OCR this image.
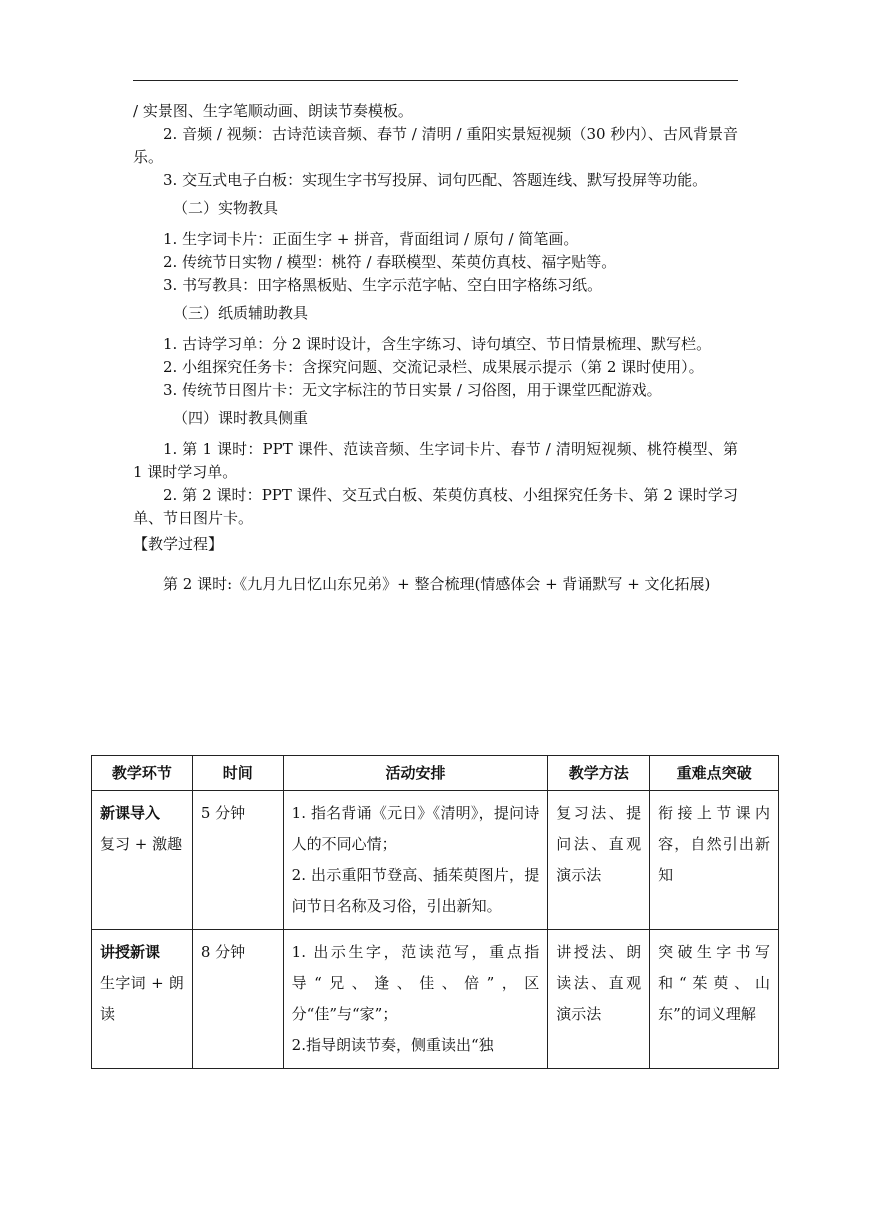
/ 实景图、生字笔顺动画、朗读节奏模板。

2. 音频 / 视频：古诗范读音频、春节 / 清明 / 重阳实景短视频（30 秒内）、古风背景音乐。

3. 交互式电子白板：实现生字书写投屏、词句匹配、答题连线、默写投屏等功能。

（二）实物教具

1. 生字词卡片：正面生字 + 拼音，背面组词 / 原句 / 简笔画。

2. 传统节日实物 / 模型：桃符 / 春联模型、茱萸仿真枝、福字贴等。

3. 书写教具：田字格黑板贴、生字示范字帖、空白田字格练习纸。

（三）纸质辅助教具

1. 古诗学习单：分 2 课时设计，含生字练习、诗句填空、节日情景梳理、默写栏。

2. 小组探究任务卡：含探究问题、交流记录栏、成果展示提示（第 2 课时使用）。

3. 传统节日图片卡：无文字标注的节日实景 / 习俗图，用于课堂匹配游戏。

（四）课时教具侧重

1. 第 1 课时：PPT 课件、范读音频、生字词卡片、春节 / 清明短视频、桃符模型、第 1 课时学习单。

2. 第 2 课时：PPT 课件、交互式白板、茱萸仿真枝、小组探究任务卡、第 2 课时学习单、节日图片卡。

【教学过程】

第 2 课时:《九月九日忆山东兄弟》+ 整合梳理(情感体会 + 背诵默写 + 文化拓展)

教学环节	时间	活动安排	教学方法	重难点突破

新课导入
复习 + 激趣	5 分钟	1. 指名背诵《元日》《清明》，提问诗人的不同心情；
2. 出示重阳节登高、插茱萸图片，提问节日名称及习俗，引出新知。	复习法、提问法、直观演示法	衔接上节课内容，自然引出新知

讲授新课
生字词 + 朗读	8 分钟	1. 出示生字，范读范写，重点指导“兄、逢、佳、倍”，区分“佳”与“家”；
2.指导朗读节奏，侧重读出“独	讲授法、朗读法、直观演示法	突破生字书写和“茱萸、山东”的词义理解
